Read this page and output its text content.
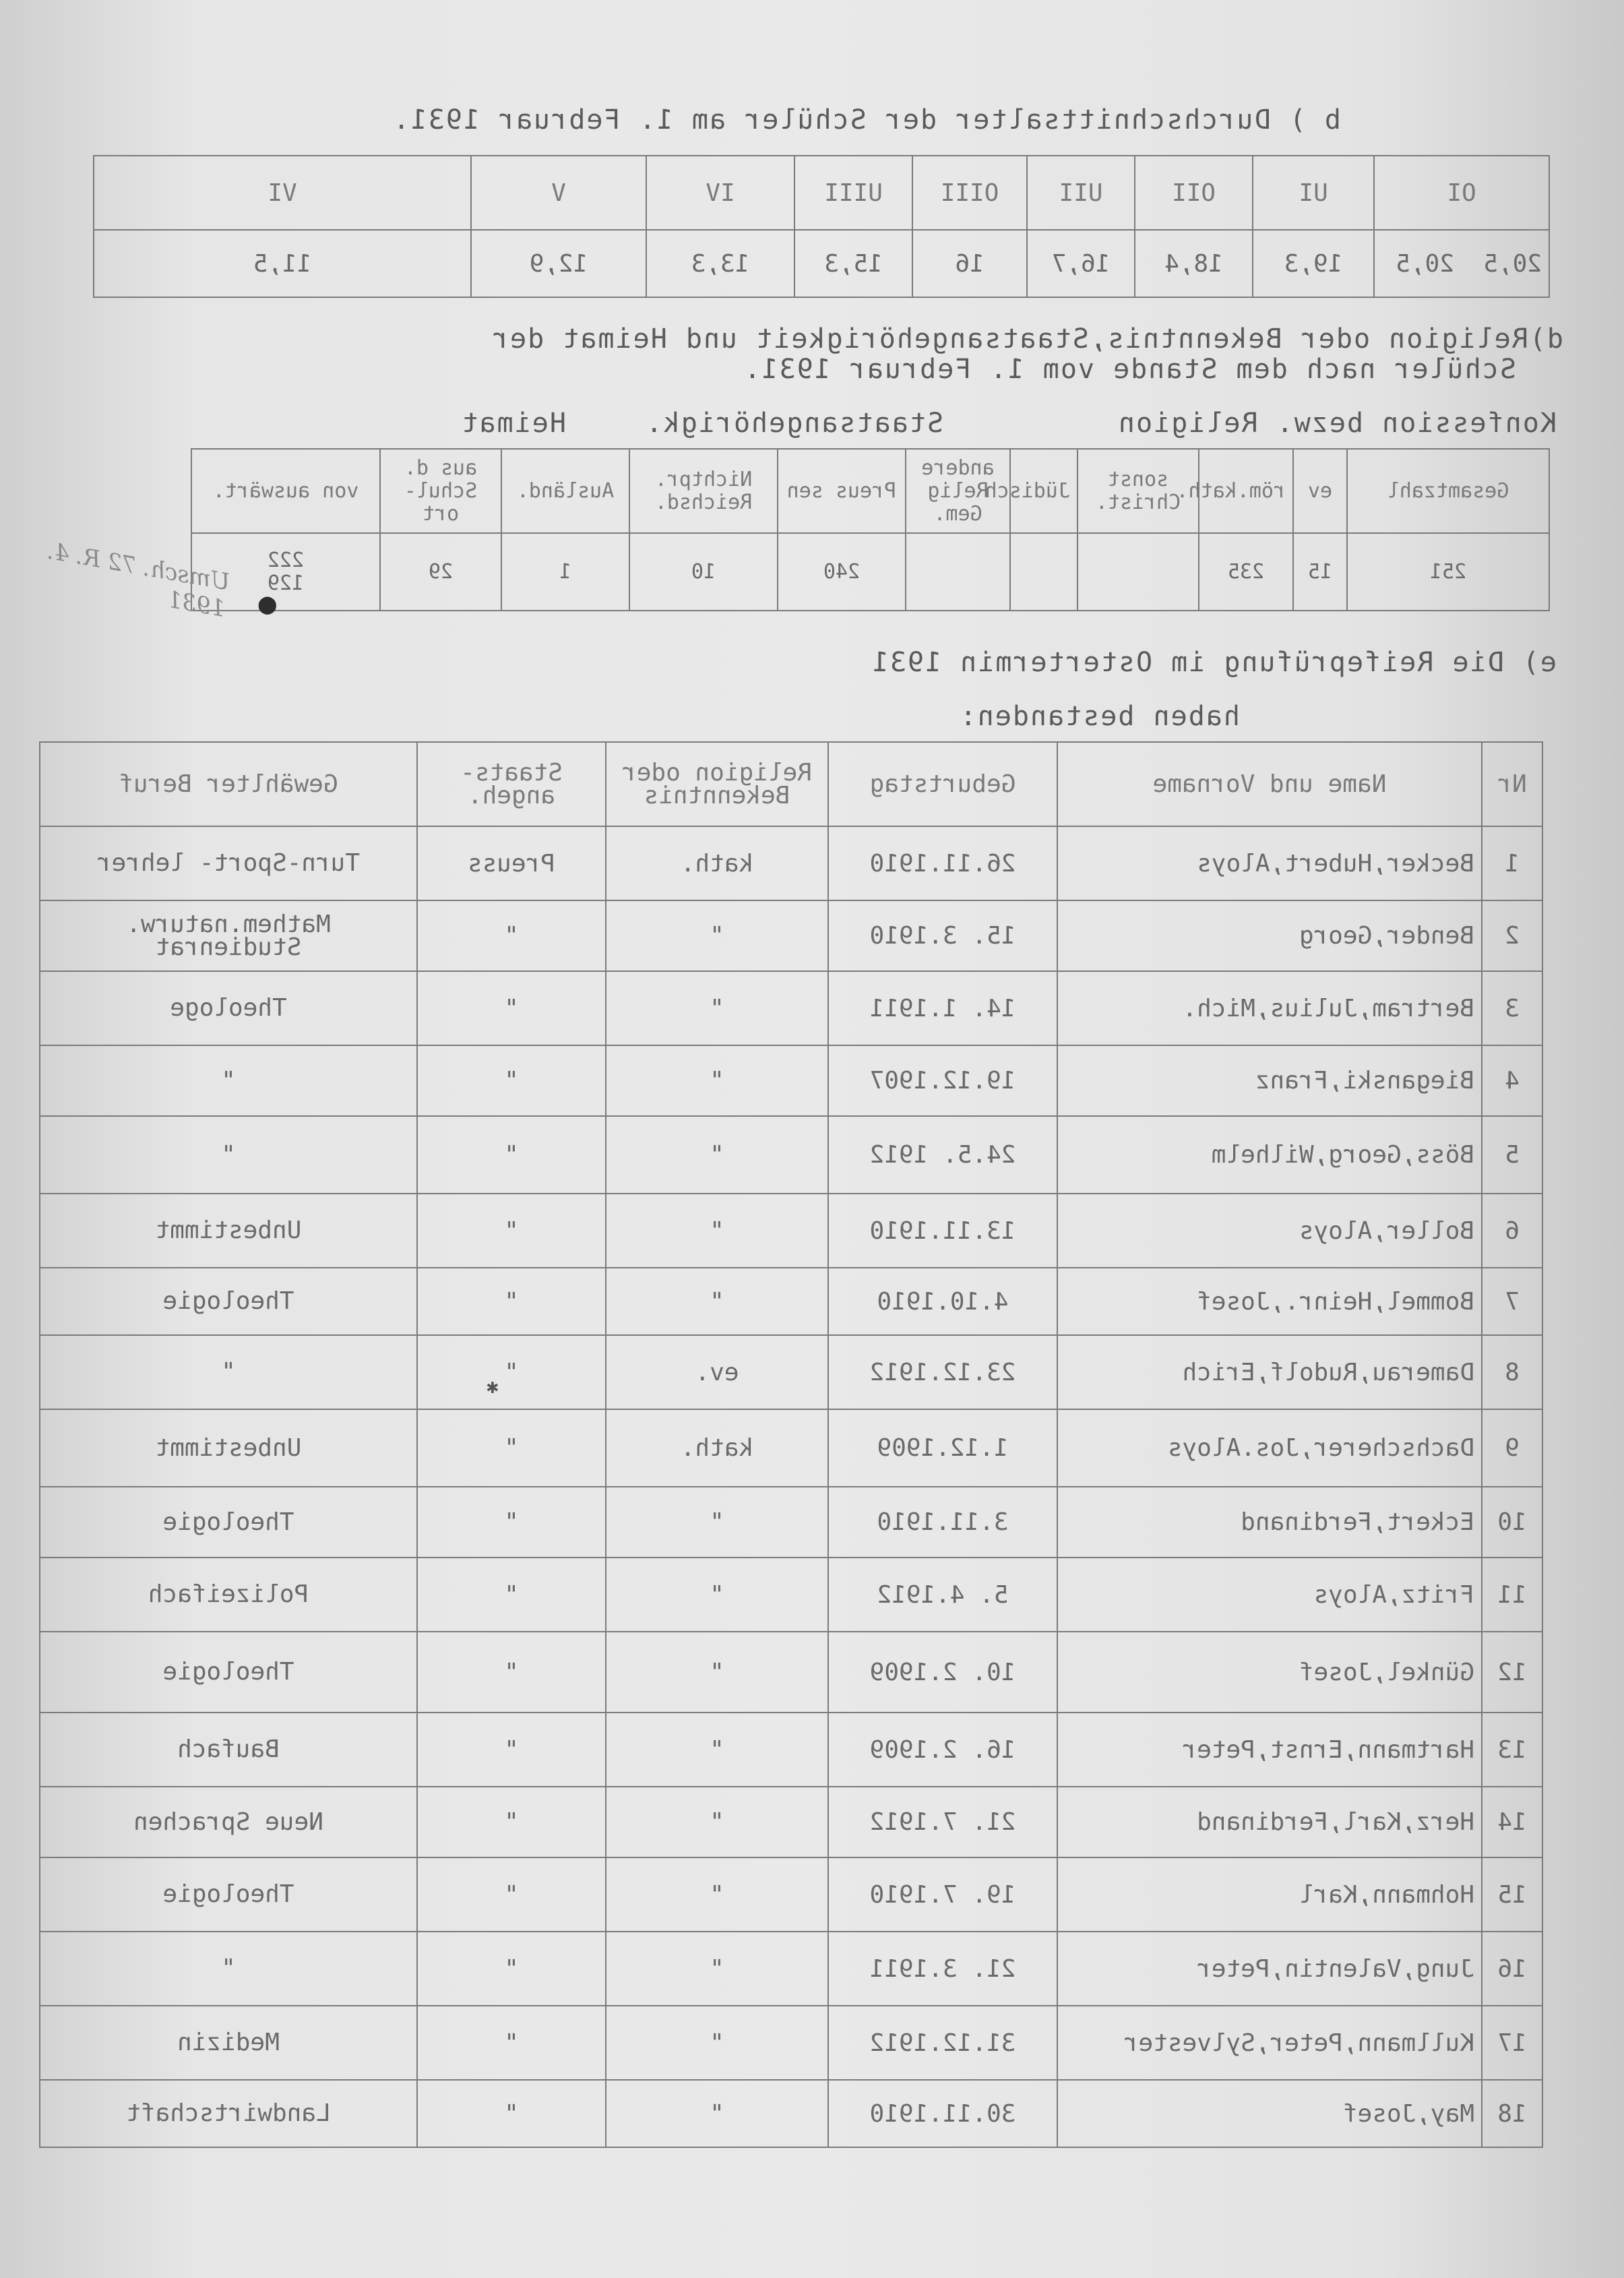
b ) Durchschnittsalter der Schüler am 1. Februar 1931.
OI	UI	OII	UII	OIII	UIII	IV	V	VI
20,5  20,5	19,3	18,4	16,7	16	15,3	13,3	12,9	11,5
d)Religion oder Bekenntnis,Staatsangehörigkeit und Heimat der
Schüler nach dem Stande vom 1. Februar 1931.
Konfession bezw. Religion
Staatsangehörigk.
Heimat
Gesamtzahl	ev	röm.kath.	sonst Christ.	Jüdisch	andere Relig Gem.	Preus sen	Nichtpr. Reichsd.	Ausländ.	aus d. Schul- ort	von auswärt.
251	15	235				240	10	1	29	222
129
Umsch. 72 R. 4. 1931 ●
e) Die Reifeprüfung im Ostertermin 1931
haben bestanden:
Nr	Name und Vorname	Geburtstag	Religion oder Bekenntnis	Staats- angeh.	Gewählter Beruf
1	Becker,Hubert,Aloys	26.11.1910	kath.	Preuss	Turn-Sport- lehrer
2	Bender,Georg	15. 3.1910	"	"	Mathem.naturw. Studienrat
3	Bertram,Julius,Mich.	14. 1.1911	"	"	Theologe
4	Bieganski,Franz	19.12.1907	"	"	"
5	Böss,Georg,Wilhelm	24.5. 1912	"	"	"
6	Boller,Aloys	13.11.1910	"	"	Unbestimmt
7	Bommel,Heinr.,Josef	4.10.1910	"	"	Theologie
8	Damerau,Rudolf,Erich	23.12.1912	ev.	"	"
9	Dachscherer,Jos.Aloys	1.12.1909	kath.	"	Unbestimmt
10	Eckert,Ferdinand	3.11.1910	"	"	Theologie
11	Fritz,Aloys	5. 4.1912	"	"	Polizeifach
12	Günkel,Josef	10. 2.1909	"	"	Theologie
13	Hartmann,Ernst,Peter	16. 2.1909	"	"	Baufach
14	Herz,Karl,Ferdinand	21. 7.1912	"	"	Neue Sprachen
15	Hohmann,Karl	19. 7.1910	"	"	Theologie
16	Jung,Valentin,Peter	21. 3.1911	"	"	"
17	Kullmann,Peter,Sylvester	31.12.1912	"	"	Medizin
18	May,Josef	30.11.1910	"	"	Landwirtschaft
✱
